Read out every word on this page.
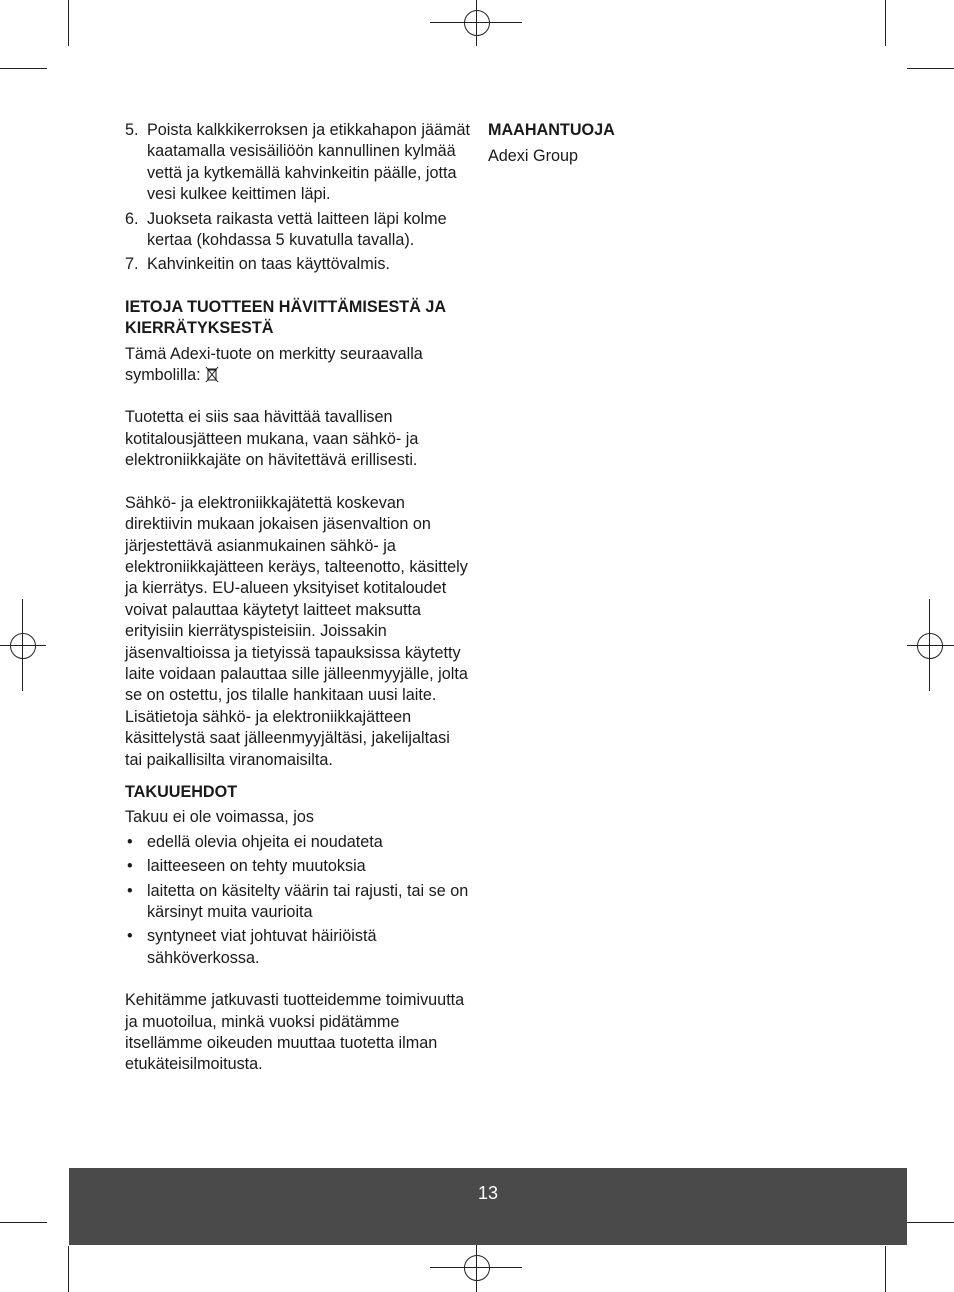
5. Poista kalkkikerroksen ja etikkahapon jäämät kaatamalla vesisäiliöön kannullinen kylmää vettä ja kytkemällä kahvinkeitin päälle, jotta vesi kulkee keittimen läpi.
6. Juokseta raikasta vettä laitteen läpi kolme kertaa (kohdassa 5 kuvatulla tavalla).
7. Kahvinkeitin on taas käyttövalmis.

IETOJA TUOTTEEN HÄVITTÄMISESTÄ JA KIERRÄTYKSESTÄ

Tämä Adexi-tuote on merkitty seuraavalla symbolilla:

Tuotetta ei siis saa hävittää tavallisen kotitalousjätteen mukana, vaan sähkö- ja elektroniikkajäte on hävitettävä erillisesti.

Sähkö- ja elektroniikkajätettä koskevan direktiivin mukaan jokaisen jäsenvaltion on järjestettävä asianmukainen sähkö- ja elektroniikkajätteen keräys, talteenotto, käsittely ja kierrätys. EU-alueen yksityiset kotitaloudet voivat palauttaa käytetyt laitteet maksutta erityisiin kierrätyspisteisiin. Joissakin jäsenvaltioissa ja tietyissä tapauksissa käytetty laite voidaan palauttaa sille jälleenmyyjälle, jolta se on ostettu, jos tilalle hankitaan uusi laite. Lisätietoja sähkö- ja elektroniikkajätteen käsittelystä saat jälleenmyyjältäsi, jakelijaltasi tai paikallisilta viranomaisilta.

TAKUUEHDOT

Takuu ei ole voimassa, jos

• edellä olevia ohjeita ei noudateta
• laitteeseen on tehty muutoksia
• laitetta on käsitelty väärin tai rajusti, tai se on kärsinyt muita vaurioita
• syntyneet viat johtuvat häiriöistä sähköverkossa.

Kehitämme jatkuvasti tuotteidemme toimivuutta ja muotoilua, minkä vuoksi pidätämme itsellämme oikeuden muuttaa tuotetta ilman etukäteisilmoitusta.

MAAHANTUOJA

Adexi Group

13
